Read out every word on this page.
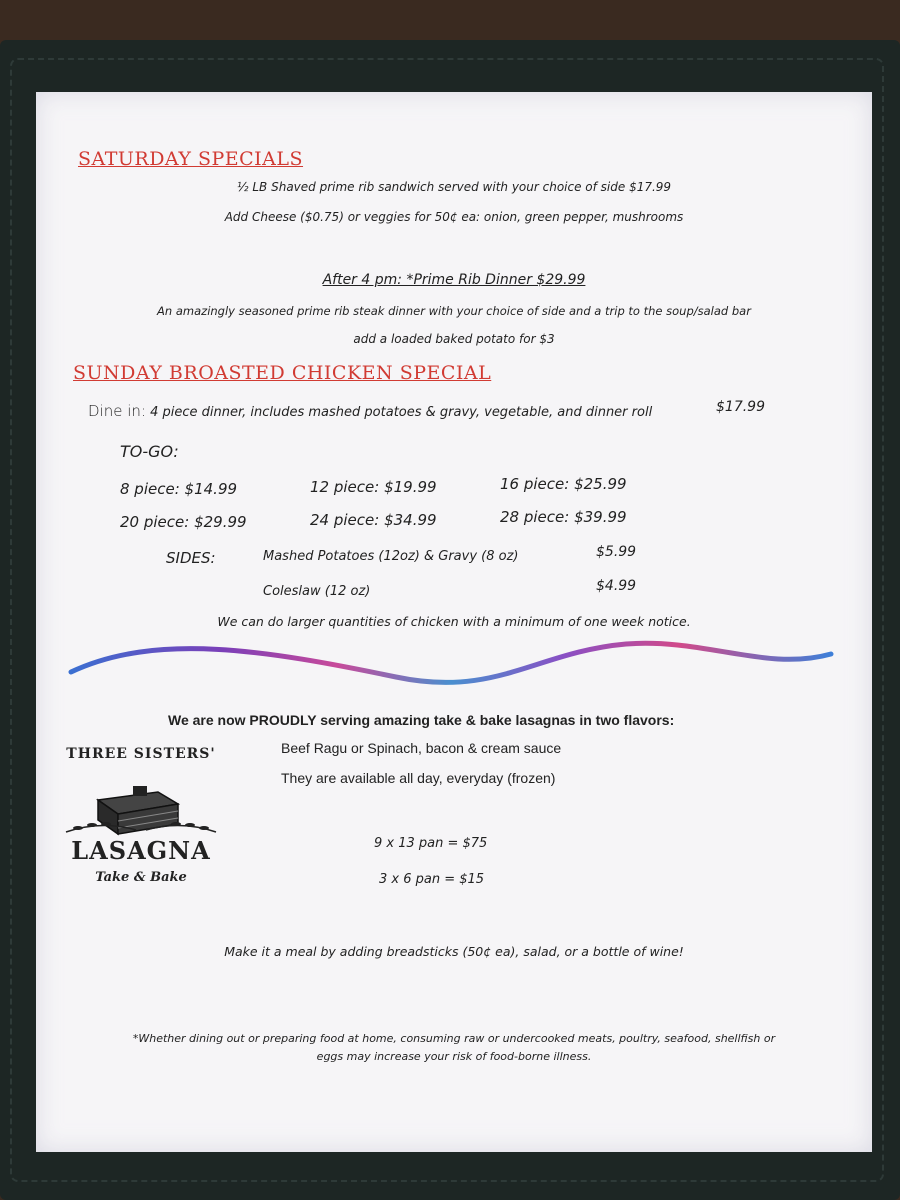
SATURDAY SPECIALS
½ LB Shaved prime rib sandwich served with your choice of side $17.99
Add Cheese ($0.75) or veggies for 50¢ ea: onion, green pepper, mushrooms
After 4 pm: *Prime Rib Dinner $29.99
An amazingly seasoned prime rib steak dinner with your choice of side and a trip to the soup/salad bar
add a loaded baked potato for $3
SUNDAY BROASTED CHICKEN SPECIAL
Dine in: 4 piece dinner, includes mashed potatoes & gravy, vegetable, and dinner roll	$17.99
TO-GO:
8 piece: $14.99	12 piece: $19.99	16 piece: $25.99
20 piece: $29.99	24 piece: $34.99	28 piece: $39.99
SIDES:	Mashed Potatoes (12oz) & Gravy (8 oz)	$5.99
Coleslaw (12 oz)	$4.99
We can do larger quantities of chicken with a minimum of one week notice.
We are now PROUDLY serving amazing take & bake lasagnas in two flavors:
Beef Ragu or Spinach, bacon & cream sauce
They are available all day, everyday (frozen)
THREE SISTERS'
LASAGNA
Take & Bake
9 x 13 pan = $75
3 x 6 pan = $15
Make it a meal by adding breadsticks (50¢ ea), salad, or a bottle of wine!
*Whether dining out or preparing food at home, consuming raw or undercooked meats, poultry, seafood, shellfish or
eggs may increase your risk of food-borne illness.
